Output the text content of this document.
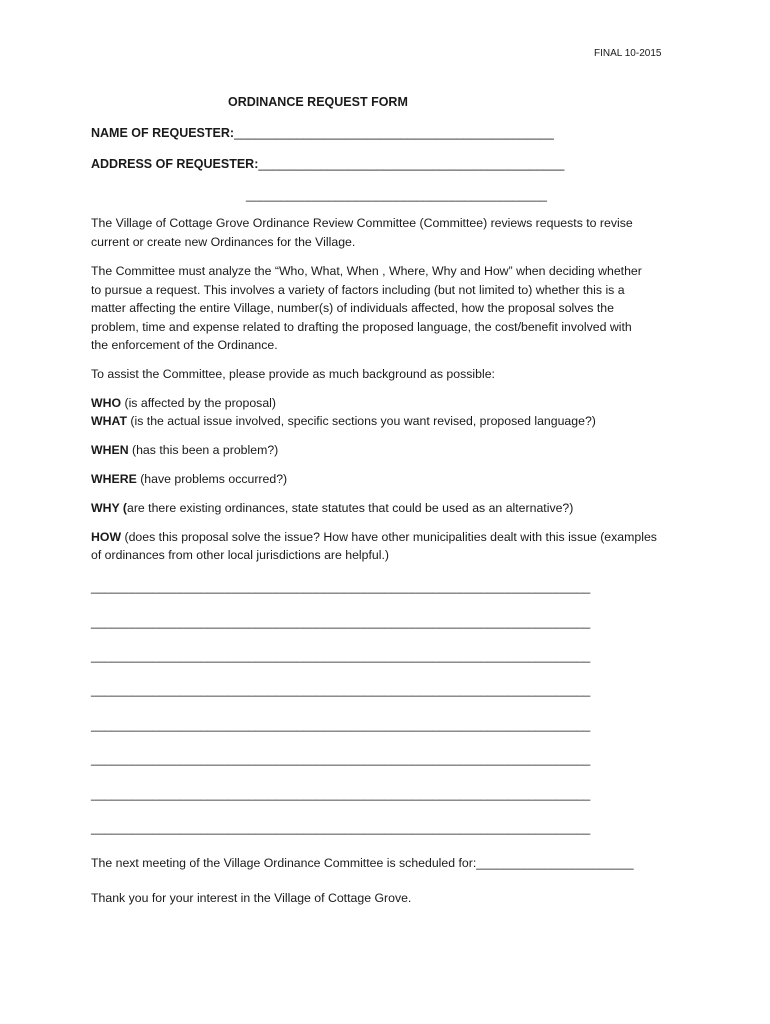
FINAL 10-2015
ORDINANCE REQUEST FORM
NAME OF REQUESTER:______________________________________________
ADDRESS OF REQUESTER:____________________________________________
____________________________________________
The Village of Cottage Grove Ordinance Review Committee (Committee) reviews requests to revise
current or create new Ordinances for the Village.
The Committee must analyze the “Who, What, When , Where, Why and How” when deciding whether
to pursue a request. This involves a variety of factors including (but not limited to) whether this is a
matter affecting the entire Village, number(s) of individuals affected, how the proposal solves the
problem, time and expense related to drafting the proposed language, the cost/benefit involved with
the enforcement of the Ordinance.
To assist the Committee, please provide as much background as possible:
WHO (is affected by the proposal)
WHAT (is the actual issue involved, specific sections you want revised, proposed language?)
WHEN (has this been a problem?)
WHERE (have problems occurred?)
WHY (are there existing ordinances, state statutes that could be used as an alternative?)
HOW (does this proposal solve the issue? How have other municipalities dealt with this issue (examples
of ordinances from other local jurisdictions are helpful.)
_________________________________________________________________________
_________________________________________________________________________
_________________________________________________________________________
_________________________________________________________________________
_________________________________________________________________________
_________________________________________________________________________
_________________________________________________________________________
_________________________________________________________________________
The next meeting of the Village Ordinance Committee is scheduled for:_______________________
Thank you for your interest in the Village of Cottage Grove.
